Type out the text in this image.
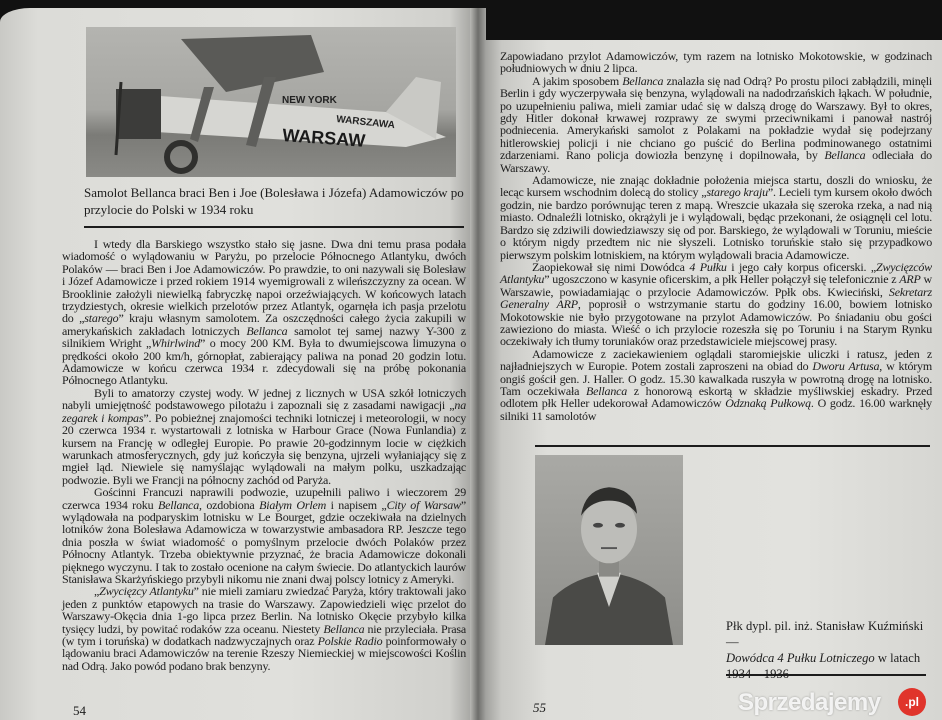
NEW YORK
WARSZAWA
WARSAW
Samolot Bellanca braci Ben i Joe (Bolesława i Józefa) Adamowiczów po przylocie do Polski w 1934 roku

I wtedy dla Barskiego wszystko stało się jasne. Dwa dni temu prasa podała wiadomość o wylądowaniu w Paryżu, po przelocie Północnego Atlantyku, dwóch Polaków — braci Ben i Joe Adamowiczów. Po prawdzie, to oni nazywali się Bolesław i Józef Adamowicze i przed rokiem 1914 wyemigrowali z wileńszczyzny za ocean. W Brooklinie założyli niewielką fabryczkę napoi orzeźwiających. W końcowych latach trzydziestych, okresie wielkich przelotów przez Atlantyk, ogarnęła ich pasja przelotu do „starego” kraju własnym samolotem. Za oszczędności całego życia zakupili w amerykańskich zakładach lotniczych Bellanca samolot tej samej nazwy Y-300 z silnikiem Wright „Whirlwind” o mocy 200 KM. Była to dwumiejscowa limuzyna o prędkości około 200 km/h, górnopłat, zabierający paliwa na ponad 20 godzin lotu. Adamowicze w końcu czerwca 1934 r. zdecydowali się na próbę pokonania Północnego Atlantyku.

Byli to amatorzy czystej wody. W jednej z licznych w USA szkół lotniczych nabyli umiejętność podstawowego pilotażu i zapoznali się z zasadami nawigacji „na zegarek i kompas”. Po pobieżnej znajomości techniki lotniczej i meteorologii, w nocy 20 czerwca 1934 r. wystartowali z lotniska w Harbour Grace (Nowa Funlandia) z kursem na Francję w odległej Europie. Po prawie 20-godzinnym locie w ciężkich warunkach atmosferycznych, gdy już kończyła się benzyna, ujrzeli wyłaniający się z mgieł ląd. Niewiele się namyślając wylądowali na małym polku, uszkadzając podwozie. Byli we Francji na północny zachód od Paryża.

Gościnni Francuzi naprawili podwozie, uzupełnili paliwo i wieczorem 29 czerwca 1934 roku Bellanca, ozdobiona Białym Orlem i napisem „City of Warsaw” wylądowała na podparyskim lotnisku w Le Bourget, gdzie oczekiwała na dzielnych lotników żona Bolesława Adamowicza w towarzystwie ambasadora RP. Jeszcze tego dnia poszła w świat wiadomość o pomyślnym przelocie dwóch Polaków przez Północny Atlantyk. Trzeba obiektywnie przyznać, że bracia Adamowicze dokonali pięknego wyczynu. I tak to zostało ocenione na całym świecie. Do atlantyckich laurów Stanisława Skarżyńskiego przybyli nikomu nie znani dwaj polscy lotnicy z Ameryki.

„Zwycięzcy Atlantyku” nie mieli zamiaru zwiedzać Paryża, który traktowali jako jeden z punktów etapowych na trasie do Warszawy. Zapowiedzieli więc przelot do Warszawy-Okęcia dnia 1-go lipca przez Berlin. Na lotnisko Okęcie przybyło kilka tysięcy ludzi, by powitać rodaków zza oceanu. Niestety Bellanca nie przyleciała. Prasa (w tym i toruńska) w dodatkach nadzwyczajnych oraz Polskie Radio poinformowały o lądowaniu braci Adamowiczów na terenie Rzeszy Niemieckiej w miejscowości Koślin nad Odrą. Jako powód podano brak benzyny.

54

Zapowiadano przylot Adamowiczów, tym razem na lotnisko Mokotowskie, w godzinach południowych w dniu 2 lipca.

A jakim sposobem Bellanca znalazła się nad Odrą? Po prostu piloci zabłądzili, minęli Berlin i gdy wyczerpywała się benzyna, wylądowali na nadodrzańskich łąkach. W południe, po uzupełnieniu paliwa, mieli zamiar udać się w dalszą drogę do Warszawy. Był to okres, gdy Hitler dokonał krwawej rozprawy ze swymi przeciwnikami i panował nastrój podniecenia. Amerykański samolot z Polakami na pokładzie wydał się podejrzany hitlerowskiej policji i nie chciano go puścić do Berlina podminowanego ostatnimi zdarzeniami. Rano policja dowiozła benzynę i dopilnowała, by Bellanca odleciała do Warszawy.

Adamowicze, nie znając dokładnie położenia miejsca startu, doszli do wniosku, że lecąc kursem wschodnim dolecą do stolicy „starego kraju”. Lecieli tym kursem około dwóch godzin, nie bardzo porównując teren z mapą. Wreszcie ukazała się szeroka rzeka, a nad nią miasto. Odnaleźli lotnisko, okrążyli je i wylądowali, będąc przekonani, że osiągnęli cel lotu. Bardzo się zdziwili dowiedziawszy się od por. Barskiego, że wylądowali w Toruniu, mieście o którym nigdy przedtem nic nie słyszeli. Lotnisko toruńskie stało się przypadkowo pierwszym polskim lotniskiem, na którym wylądowali bracia Adamowicze.

Zaopiekował się nimi Dowódca 4 Pułku i jego cały korpus oficerski. „Zwycięzców Atlantyku” ugoszczono w kasynie oficerskim, a płk Heller połączył się telefonicznie z ARP w Warszawie, powiadamiając o przylocie Adamowiczów. Ppłk obs. Kwieciński, Sekretarz Generalny ARP, poprosił o wstrzymanie startu do godziny 16.00, bowiem lotnisko Mokotowskie nie było przygotowane na przylot Adamowiczów. Po śniadaniu obu gości zawieziono do miasta. Wieść o ich przylocie rozeszła się po Toruniu i na Starym Rynku oczekiwały ich tłumy toruniaków oraz przedstawiciele miejscowej prasy.

Adamowicze z zaciekawieniem oglądali staromiejskie uliczki i ratusz, jeden z najładniejszych w Europie. Potem zostali zaproszeni na obiad do Dworu Artusa, w którym ongiś gościł gen. J. Haller. O godz. 15.30 kawalkada ruszyła w powrotną drogę na lotnisko. Tam oczekiwała Bellanca z honorową eskortą w składzie myśliwskiej eskadry. Przed odlotem płk Heller udekorował Adamowiczów Odznaką Pułkową. O godz. 16.00 warknęły silniki 11 samolotów

Płk dypl. pil. inż. Stanisław Kuźmiński —
Dowódca 4 Pułku Lotniczego w latach
55	Sprzedajemy	.pl
